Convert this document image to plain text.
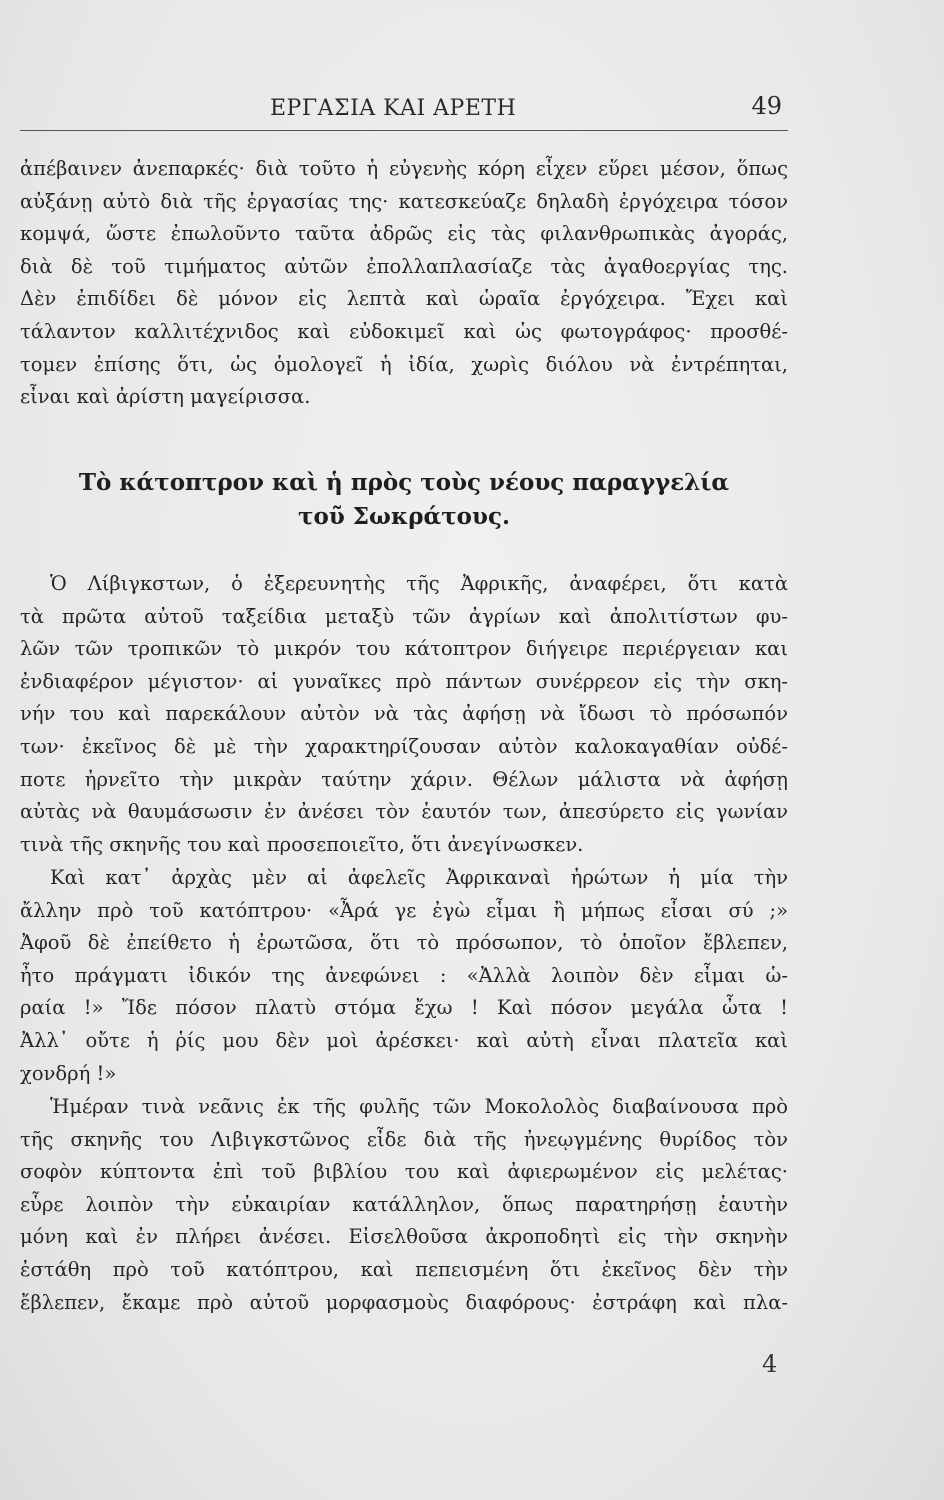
ΕΡΓΑΣΙΑ ΚΑΙ ΑΡΕΤΗ	49
ἀπέβαινεν ἀνεπαρκές· διὰ τοῦτο ἡ εὐγενὴς κόρη εἶχεν εὕρει μέσον, ὅπως
αὐξάνῃ αὐτὸ διὰ τῆς ἐργασίας της· κατεσκεύαζε δηλαδὴ ἐργόχειρα τόσον
κομψά, ὥστε ἐπωλοῦντο ταῦτα ἀδρῶς εἰς τὰς φιλανθρωπικὰς ἀγοράς,
διὰ δὲ τοῦ τιμήματος αὐτῶν ἐπολλαπλασίαζε τὰς ἀγαθοεργίας της.
Δὲν ἐπιδίδει δὲ μόνον εἰς λεπτὰ καὶ ὡραῖα ἐργόχειρα. Ἔχει καὶ
τάλαντον καλλιτέχνιδος καὶ εὐδοκιμεῖ καὶ ὡς φωτογράφος· προσθέ-
τομεν ἐπίσης ὅτι, ὡς ὁμολογεῖ ἡ ἰδία, χωρὶς διόλου νὰ ἐντρέπηται,
εἶναι καὶ ἀρίστη μαγείρισσα.
Τὸ κάτοπτρον καὶ ἡ πρὸς τοὺς νέους παραγγελία
τοῦ Σωκράτους.
Ὁ Λίβιγκστων, ὁ ἐξερευνητὴς τῆς Ἀφρικῆς, ἀναφέρει, ὅτι κατὰ
τὰ πρῶτα αὐτοῦ ταξείδια μεταξὺ τῶν ἀγρίων καὶ ἀπολιτίστων φυ-
λῶν τῶν τροπικῶν τὸ μικρόν του κάτοπτρον διήγειρε περιέργειαν και
ἐνδιαφέρον μέγιστον· αἱ γυναῖκες πρὸ πάντων συνέρρεον εἰς τὴν σκη-
νήν του καὶ παρεκάλουν αὐτὸν νὰ τὰς ἀφήσῃ νὰ ἴδωσι τὸ πρόσωπόν
των· ἐκεῖνος δὲ μὲ τὴν χαρακτηρίζουσαν αὐτὸν καλοκαγαθίαν οὐδέ-
ποτε ἠρνεῖτο τὴν μικρὰν ταύτην χάριν. Θέλων μάλιστα νὰ ἀφήσῃ
αὐτὰς νὰ θαυμάσωσιν ἐν ἀνέσει τὸν ἑαυτόν των, ἀπεσύρετο εἰς γωνίαν
τινὰ τῆς σκηνῆς του καὶ προσεποιεῖτο, ὅτι ἀνεγίνωσκεν.
Καὶ κατ᾽ ἀρχὰς μὲν αἱ ἀφελεῖς Ἀφρικαναὶ ἠρώτων ἡ μία τὴν
ἄλλην πρὸ τοῦ κατόπτρου· «Ἆρά γε ἐγὼ εἶμαι ἢ μήπως εἶσαι σύ ;»
Ἀφοῦ δὲ ἐπείθετο ἡ ἐρωτῶσα, ὅτι τὸ πρόσωπον, τὸ ὁποῖον ἔβλεπεν,
ἦτο πράγματι ἰδικόν της ἀνεφώνει : «Ἀλλὰ λοιπὸν δὲν εἶμαι ὡ-
ραία !» Ἴδε πόσον πλατὺ στόμα ἔχω ! Καὶ πόσον μεγάλα ὦτα !
Ἀλλ᾽ οὔτε ἡ ῥίς μου δὲν μοὶ ἀρέσκει· καὶ αὐτὴ εἶναι πλατεῖα καὶ
χονδρή !»
Ἡμέραν τινὰ νεᾶνις ἐκ τῆς φυλῆς τῶν Μοκολολὸς διαβαίνουσα πρὸ
τῆς σκηνῆς του Λιβιγκστῶνος εἶδε διὰ τῆς ἠνεῳγμένης θυρίδος τὸν
σοφὸν κύπτοντα ἐπὶ τοῦ βιβλίου του καὶ ἀφιερωμένον εἰς μελέτας·
εὗρε λοιπὸν τὴν εὐκαιρίαν κατάλληλον, ὅπως παρατηρήσῃ ἑαυτὴν
μόνη καὶ ἐν πλήρει ἀνέσει. Εἰσελθοῦσα ἀκροποδητὶ εἰς τὴν σκηνὴν
ἐστάθη πρὸ τοῦ κατόπτρου, καὶ πεπεισμένη ὅτι ἐκεῖνος δὲν τὴν
ἔβλεπεν, ἔκαμε πρὸ αὐτοῦ μορφασμοὺς διαφόρους· ἐστράφη καὶ πλα-
4
